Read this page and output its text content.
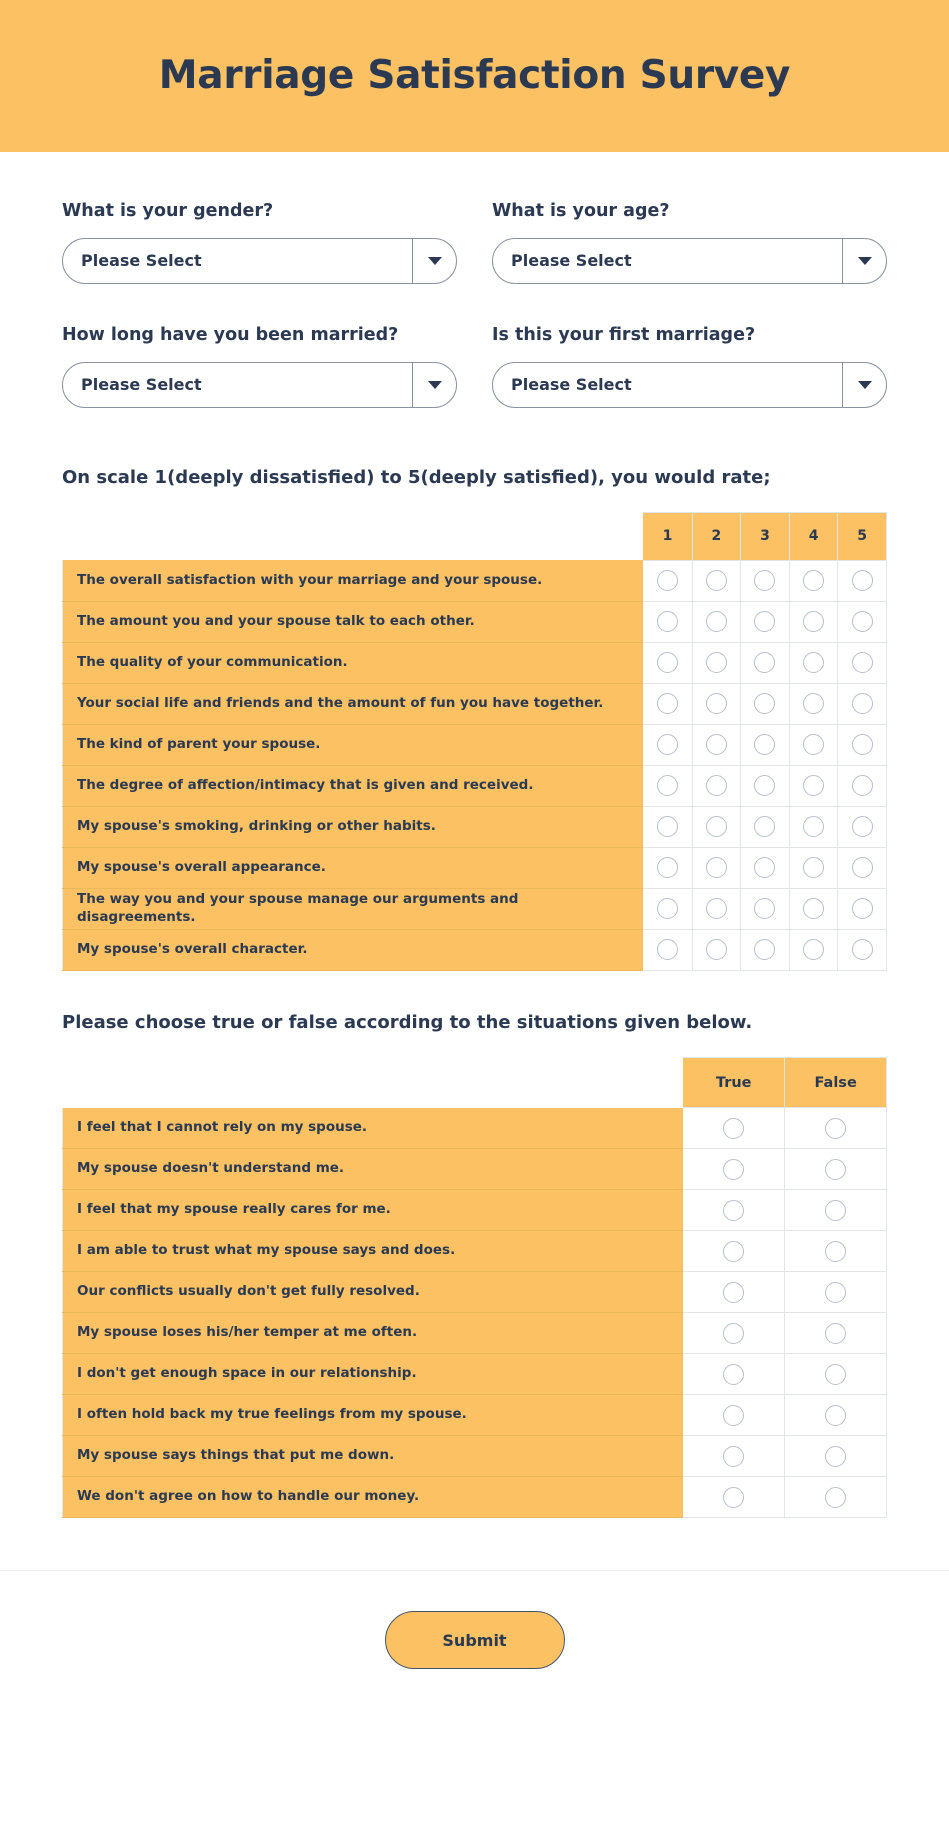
Marriage Satisfaction Survey
What is your gender?
Please Select
What is your age?
Please Select
How long have you been married?
Please Select
Is this your first marriage?
Please Select
On scale 1(deeply dissatisfied) to 5(deeply satisfied), you would rate;
	1	2	3	4	5
The overall satisfaction with your marriage and your spouse.					
The amount you and your spouse talk to each other.					
The quality of your communication.					
Your social life and friends and the amount of fun you have together.					
The kind of parent your spouse.					
The degree of affection/intimacy that is given and received.					
My spouse's smoking, drinking or other habits.					
My spouse's overall appearance.					
The way you and your spouse manage our arguments and disagreements.					
My spouse's overall character.					
Please choose true or false according to the situations given below.
	True	False
I feel that I cannot rely on my spouse.		
My spouse doesn't understand me.		
I feel that my spouse really cares for me.		
I am able to trust what my spouse says and does.		
Our conflicts usually don't get fully resolved.		
My spouse loses his/her temper at me often.		
I don't get enough space in our relationship.		
I often hold back my true feelings from my spouse.		
My spouse says things that put me down.		
We don't agree on how to handle our money.		
Submit
